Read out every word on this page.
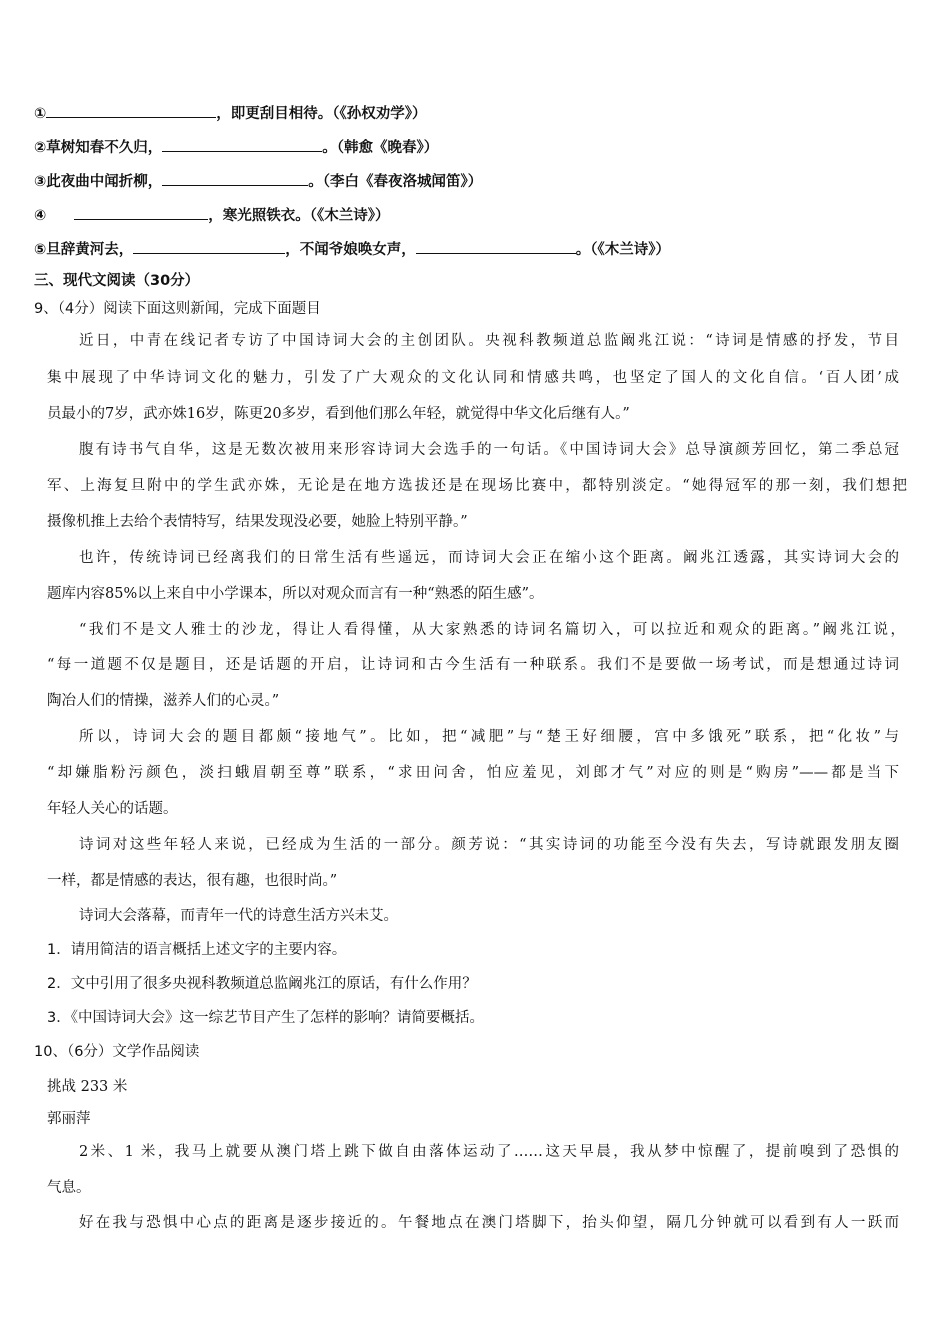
①	，即更刮目相待。（《孙权劝学》）
②草树知春不久归，	。（韩愈《晚春》）
③此夜曲中闻折柳，	。（李白《春夜洛城闻笛》）
④	，寒光照铁衣。（《木兰诗》）
⑤旦辞黄河去，	，不闻爷娘唤女声，	。（《木兰诗》）
三、现代文阅读（30分）
9、（4分）阅读下面这则新闻，完成下面题目
近日，中青在线记者专访了中国诗词大会的主创团队。央视科教频道总监阚兆江说：“诗词是情感的抒发，节目
集中展现了中华诗词文化的魅力，引发了广大观众的文化认同和情感共鸣，也坚定了国人的文化自信。‘百人团’成
员最小的7岁，武亦姝16岁，陈更20多岁，看到他们那么年轻，就觉得中华文化后继有人。”
腹有诗书气自华，这是无数次被用来形容诗词大会选手的一句话。《中国诗词大会》总导演颜芳回忆，第二季总冠
军、上海复旦附中的学生武亦姝，无论是在地方选拔还是在现场比赛中，都特别淡定。“她得冠军的那一刻，我们想把
摄像机推上去给个表情特写，结果发现没必要，她脸上特别平静。”
也许，传统诗词已经离我们的日常生活有些遥远，而诗词大会正在缩小这个距离。阚兆江透露，其实诗词大会的
题库内容85%以上来自中小学课本，所以对观众而言有一种“熟悉的陌生感”。
“我们不是文人雅士的沙龙，得让人看得懂，从大家熟悉的诗词名篇切入，可以拉近和观众的距离。”阚兆江说，
“每一道题不仅是题目，还是话题的开启，让诗词和古今生活有一种联系。我们不是要做一场考试，而是想通过诗词
陶冶人们的情操，滋养人们的心灵。”
所以，诗词大会的题目都颇“接地气”。比如，把“减肥”与“楚王好细腰，宫中多饿死”联系，把“化妆”与
“却嫌脂粉污颜色，淡扫蛾眉朝至尊”联系，“求田问舍，怕应羞见，刘郎才气”对应的则是“购房”——都是当下
年轻人关心的话题。
诗词对这些年轻人来说，已经成为生活的一部分。颜芳说：“其实诗词的功能至今没有失去，写诗就跟发朋友圈
一样，都是情感的表达，很有趣，也很时尚。”
诗词大会落幕，而青年一代的诗意生活方兴未艾。
1．请用简洁的语言概括上述文字的主要内容。
2．文中引用了很多央视科教频道总监阚兆江的原话，有什么作用？
3．《中国诗词大会》这一综艺节目产生了怎样的影响？请简要概括。
10、（6分）文学作品阅读
挑战 233 米
郭丽萍
2米、1 米，我马上就要从澳门塔上跳下做自由落体运动了……这天早晨，我从梦中惊醒了，提前嗅到了恐惧的
气息。
好在我与恐惧中心点的距离是逐步接近的。午餐地点在澳门塔脚下，抬头仰望，隔几分钟就可以看到有人一跃而
